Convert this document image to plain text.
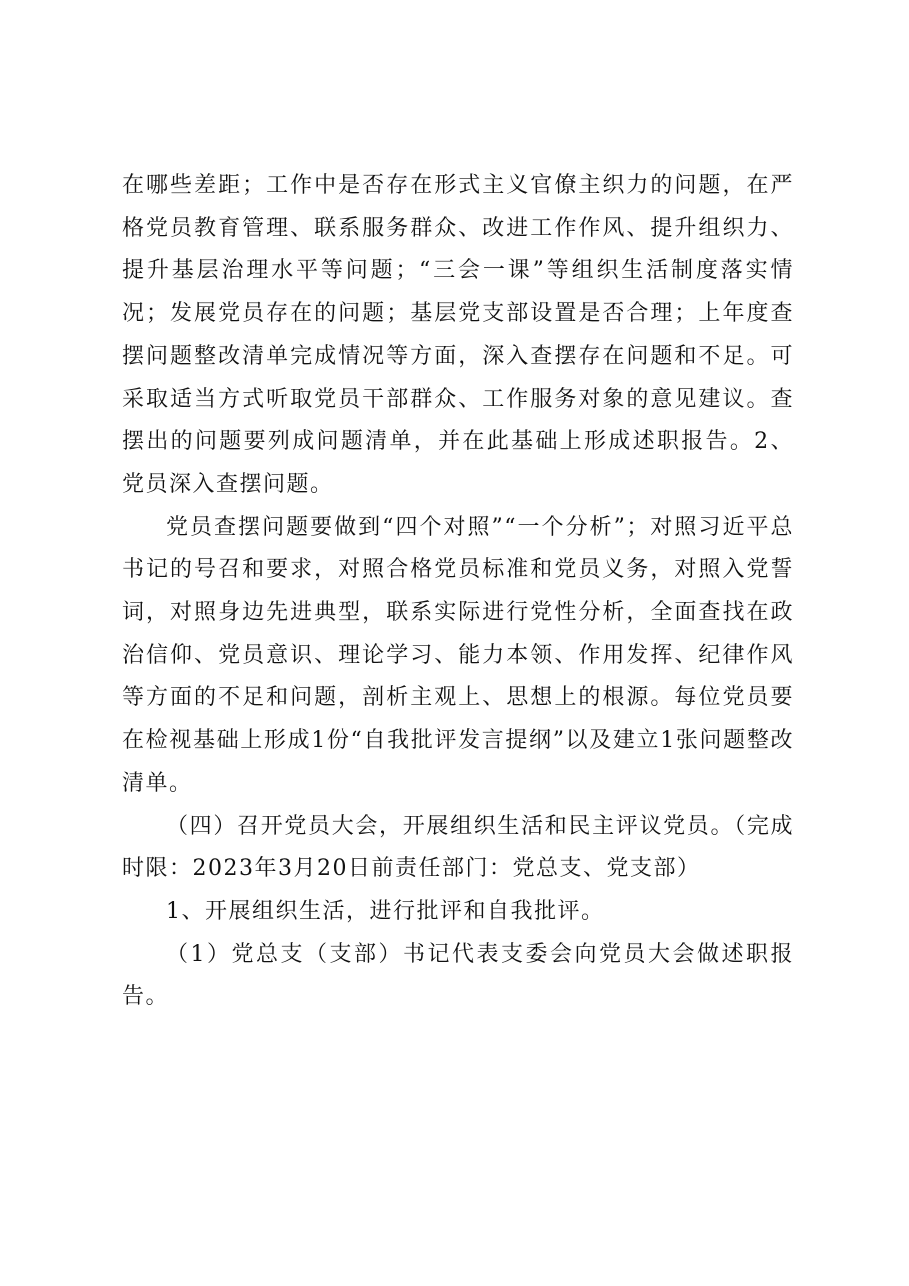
在哪些差距；工作中是否存在形式主义官僚主织力的问题，在严格党员教育管理、联系服务群众、改进工作作风、提升组织力、提升基层治理水平等问题；“三会一课”等组织生活制度落实情况；发展党员存在的问题；基层党支部设置是否合理；上年度查摆问题整改清单完成情况等方面，深入查摆存在问题和不足。可采取适当方式听取党员干部群众、工作服务对象的意见建议。查摆出的问题要列成问题清单，并在此基础上形成述职报告。2、党员深入查摆问题。

党员查摆问题要做到“四个对照”“一个分析”；对照习近平总书记的号召和要求，对照合格党员标准和党员义务，对照入党誓词，对照身边先进典型，联系实际进行党性分析，全面查找在政治信仰、党员意识、理论学习、能力本领、作用发挥、纪律作风等方面的不足和问题，剖析主观上、思想上的根源。每位党员要在检视基础上形成1份“自我批评发言提纲”以及建立1张问题整改清单。

（四）召开党员大会，开展组织生活和民主评议党员。（完成时限：2023年3月20日前责任部门：党总支、党支部）

1、开展组织生活，进行批评和自我批评。

（1）党总支（支部）书记代表支委会向党员大会做述职报告。
